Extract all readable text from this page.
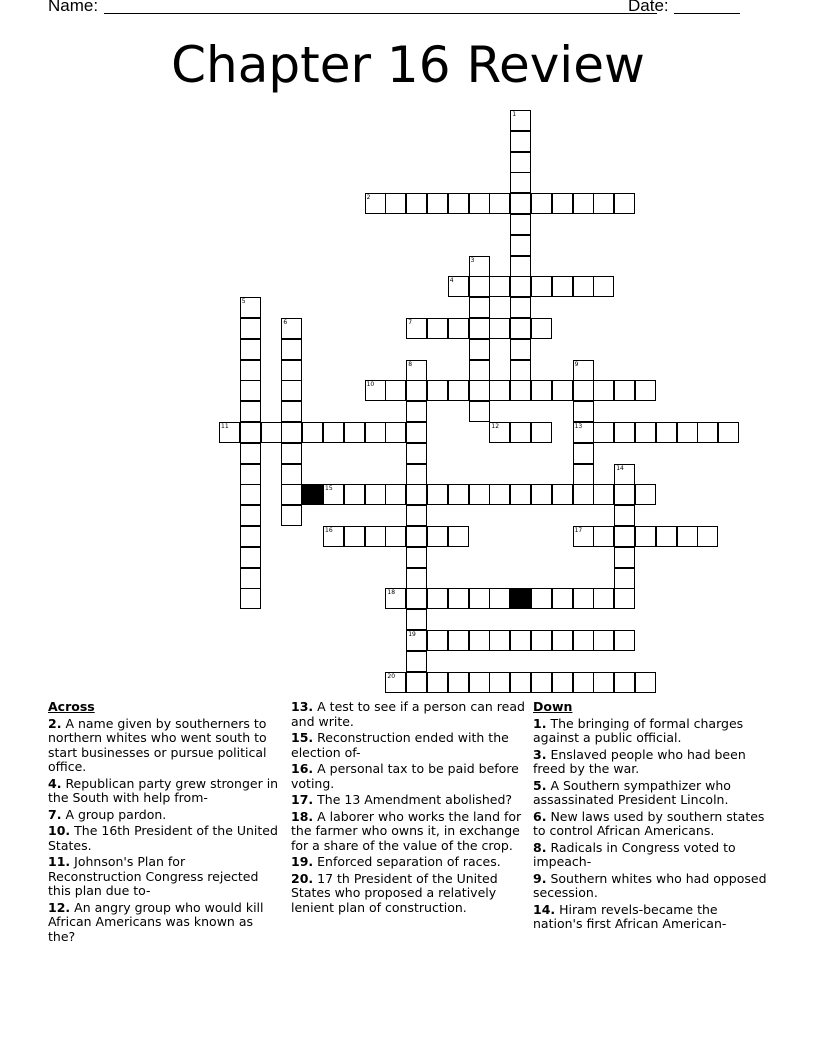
Name:	Date:
Chapter 16 Review
1
2
3
4
5
6	7
8
19
9
13
10
11	12
14
15
16	17
18
20
Across
2. A name given by southerners to northern whites who went south to start businesses or pursue political office.
4. Republican party grew stronger in the South with help from-
7. A group pardon.
10. The 16th President of the United States.
11. Johnson's Plan for Reconstruction Congress rejected this plan due to-
12. An angry group who would kill African Americans was known as the?
13. A test to see if a person can read and write.
15. Reconstruction ended with the election of-
16. A personal tax to be paid before voting.
17. The 13 Amendment abolished?
18. A laborer who works the land for the farmer who owns it, in exchange for a share of the value of the crop.
19. Enforced separation of races.
20. 17 th President of the United States who proposed a relatively lenient plan of construction.
Down
1. The bringing of formal charges against a public official.
3. Enslaved people who had been freed by the war.
5. A Southern sympathizer who assassinated President Lincoln.
6. New laws used by southern states to control African Americans.
8. Radicals in Congress voted to impeach-
9. Southern whites who had opposed secession.
14. Hiram revels-became the nation's first African American-
